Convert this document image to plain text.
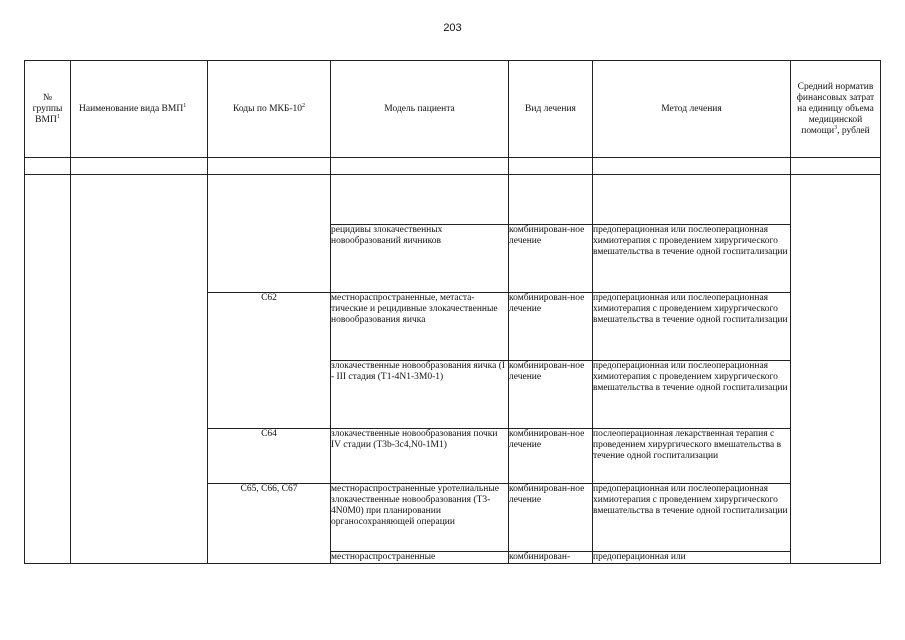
203
№ группы ВМП$^1$	Наименование вида ВМП$^1$	Коды по МКБ-$10^2$	Модель пациента	Вид лечения	Метод лечения	Средний норматив финансовых затрат на единицу объема медицинской помощи$^3$, рублей

			рецидивы злокачественных новообразований яичников	комбинирован-ное лечение	предоперационная или послеоперационная химиотерапия с проведением хирургического вмешательства в течение одной госпитализации	
		C62	местнораспространенные, метаста-тические и рецидивные злокачественные новообразования яичка	комбинирован-ное лечение	предоперационная или послеоперационная химиотерапия с проведением хирургического вмешательства в течение одной госпитализации	
			злокачественные новообразования яичка (I - III стадия (T1-4N1-3M0-1)	комбинирован-ное лечение	предоперационная или послеоперационная химиотерапия с проведением хирургического вмешательства в течение одной госпитализации	
		C64	злокачественные новообразования почки IV стадии (T3b-3c4,N0-1M1)	комбинирован-ное лечение	послеоперационная лекарственная терапия с проведением хирургического вмешательства в течение одной госпитализации	
		C65, C66, C67	местнораспространенные уротелиальные злокачественные новообразования (T3-4N0M0) при планировании органосохраняющей операции	комбинирован-ное лечение	предоперационная или послеоперационная химиотерапия с проведением хирургического вмешательства в течение одной госпитализации	
			местнораспространенные	комбинирован-	предоперационная или	
